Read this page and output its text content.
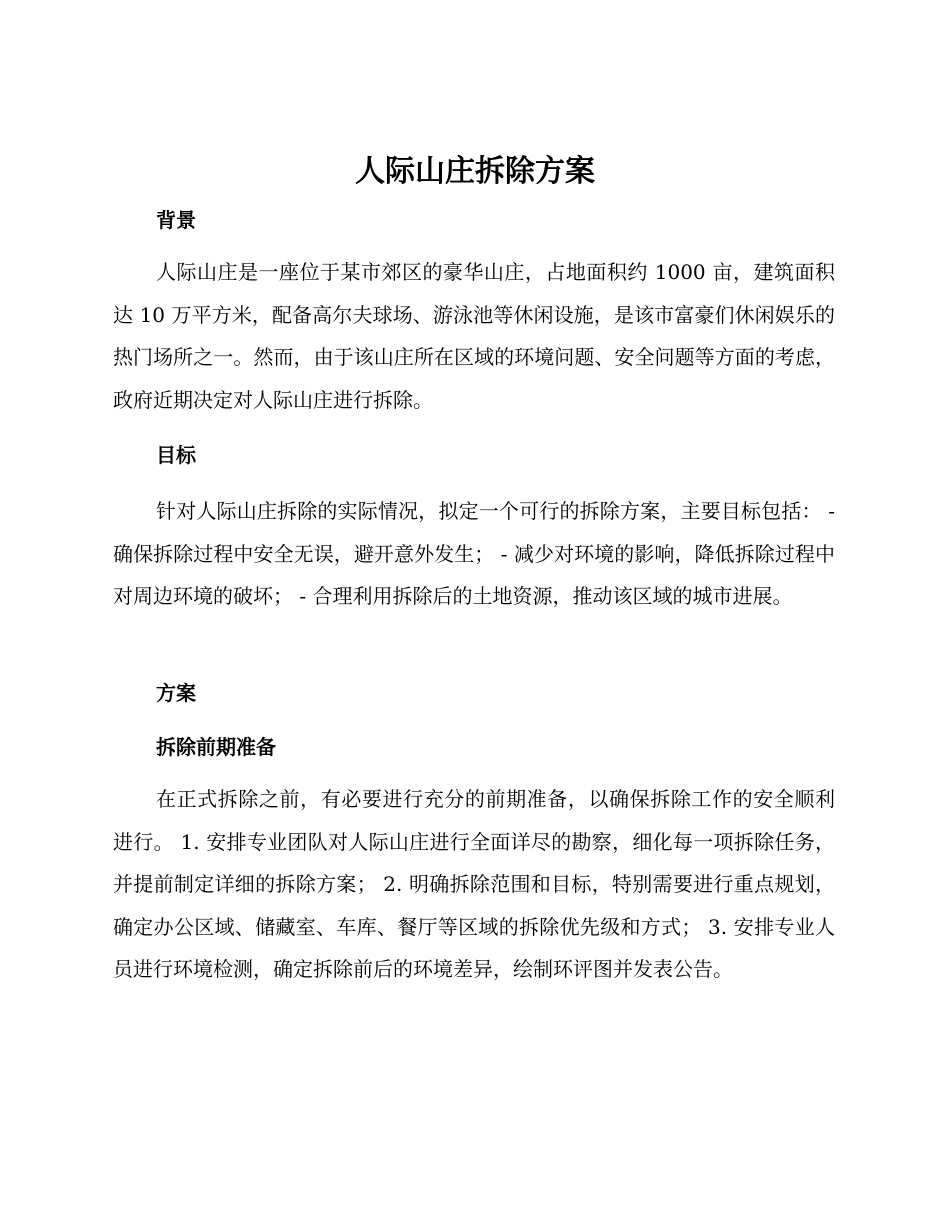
人际山庄拆除方案
背景

人际山庄是一座位于某市郊区的豪华山庄，占地面积约 1000 亩，建筑面积达 10 万平方米，配备高尔夫球场、游泳池等休闲设施，是该市富豪们休闲娱乐的热门场所之一。然而，由于该山庄所在区域的环境问题、安全问题等方面的考虑，政府近期决定对人际山庄进行拆除。

目标

针对人际山庄拆除的实际情况，拟定一个可行的拆除方案，主要目标包括： - 确保拆除过程中安全无误，避开意外发生； - 减少对环境的影响，降低拆除过程中对周边环境的破坏； - 合理利用拆除后的土地资源，推动该区域的城市进展。

方案
拆除前期准备

在正式拆除之前，有必要进行充分的前期准备，以确保拆除工作的安全顺利进行。 1. 安排专业团队对人际山庄进行全面详尽的勘察，细化每一项拆除任务，并提前制定详细的拆除方案； 2. 明确拆除范围和目标，特别需要进行重点规划，确定办公区域、储藏室、车库、餐厅等区域的拆除优先级和方式； 3. 安排专业人员进行环境检测，确定拆除前后的环境差异，绘制环评图并发表公告。
